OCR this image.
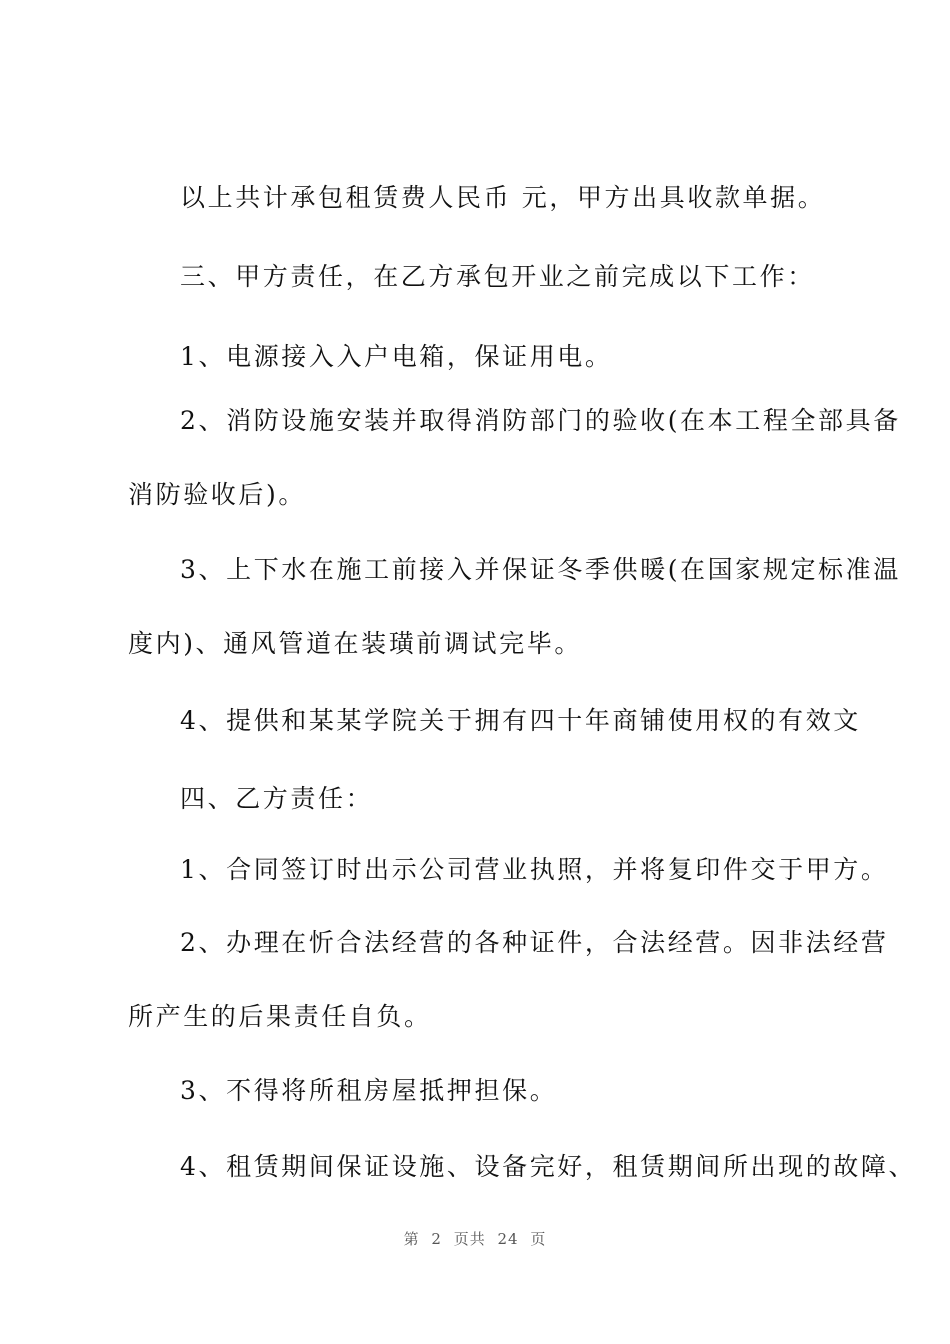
以上共计承包租赁费人民币 元，甲方出具收款单据。
三、甲方责任，在乙方承包开业之前完成以下工作：
1、电源接入入户电箱，保证用电。
2、消防设施安装并取得消防部门的验收(在本工程全部具备
消防验收后)。
3、上下水在施工前接入并保证冬季供暖(在国家规定标准温
度内)、通风管道在装璜前调试完毕。
4、提供和某某学院关于拥有四十年商铺使用权的有效文
四、乙方责任：
1、合同签订时出示公司营业执照，并将复印件交于甲方。
2、办理在忻合法经营的各种证件，合法经营。因非法经营
所产生的后果责任自负。
3、不得将所租房屋抵押担保。
4、租赁期间保证设施、设备完好，租赁期间所出现的故障、
第 2 页共 24 页
